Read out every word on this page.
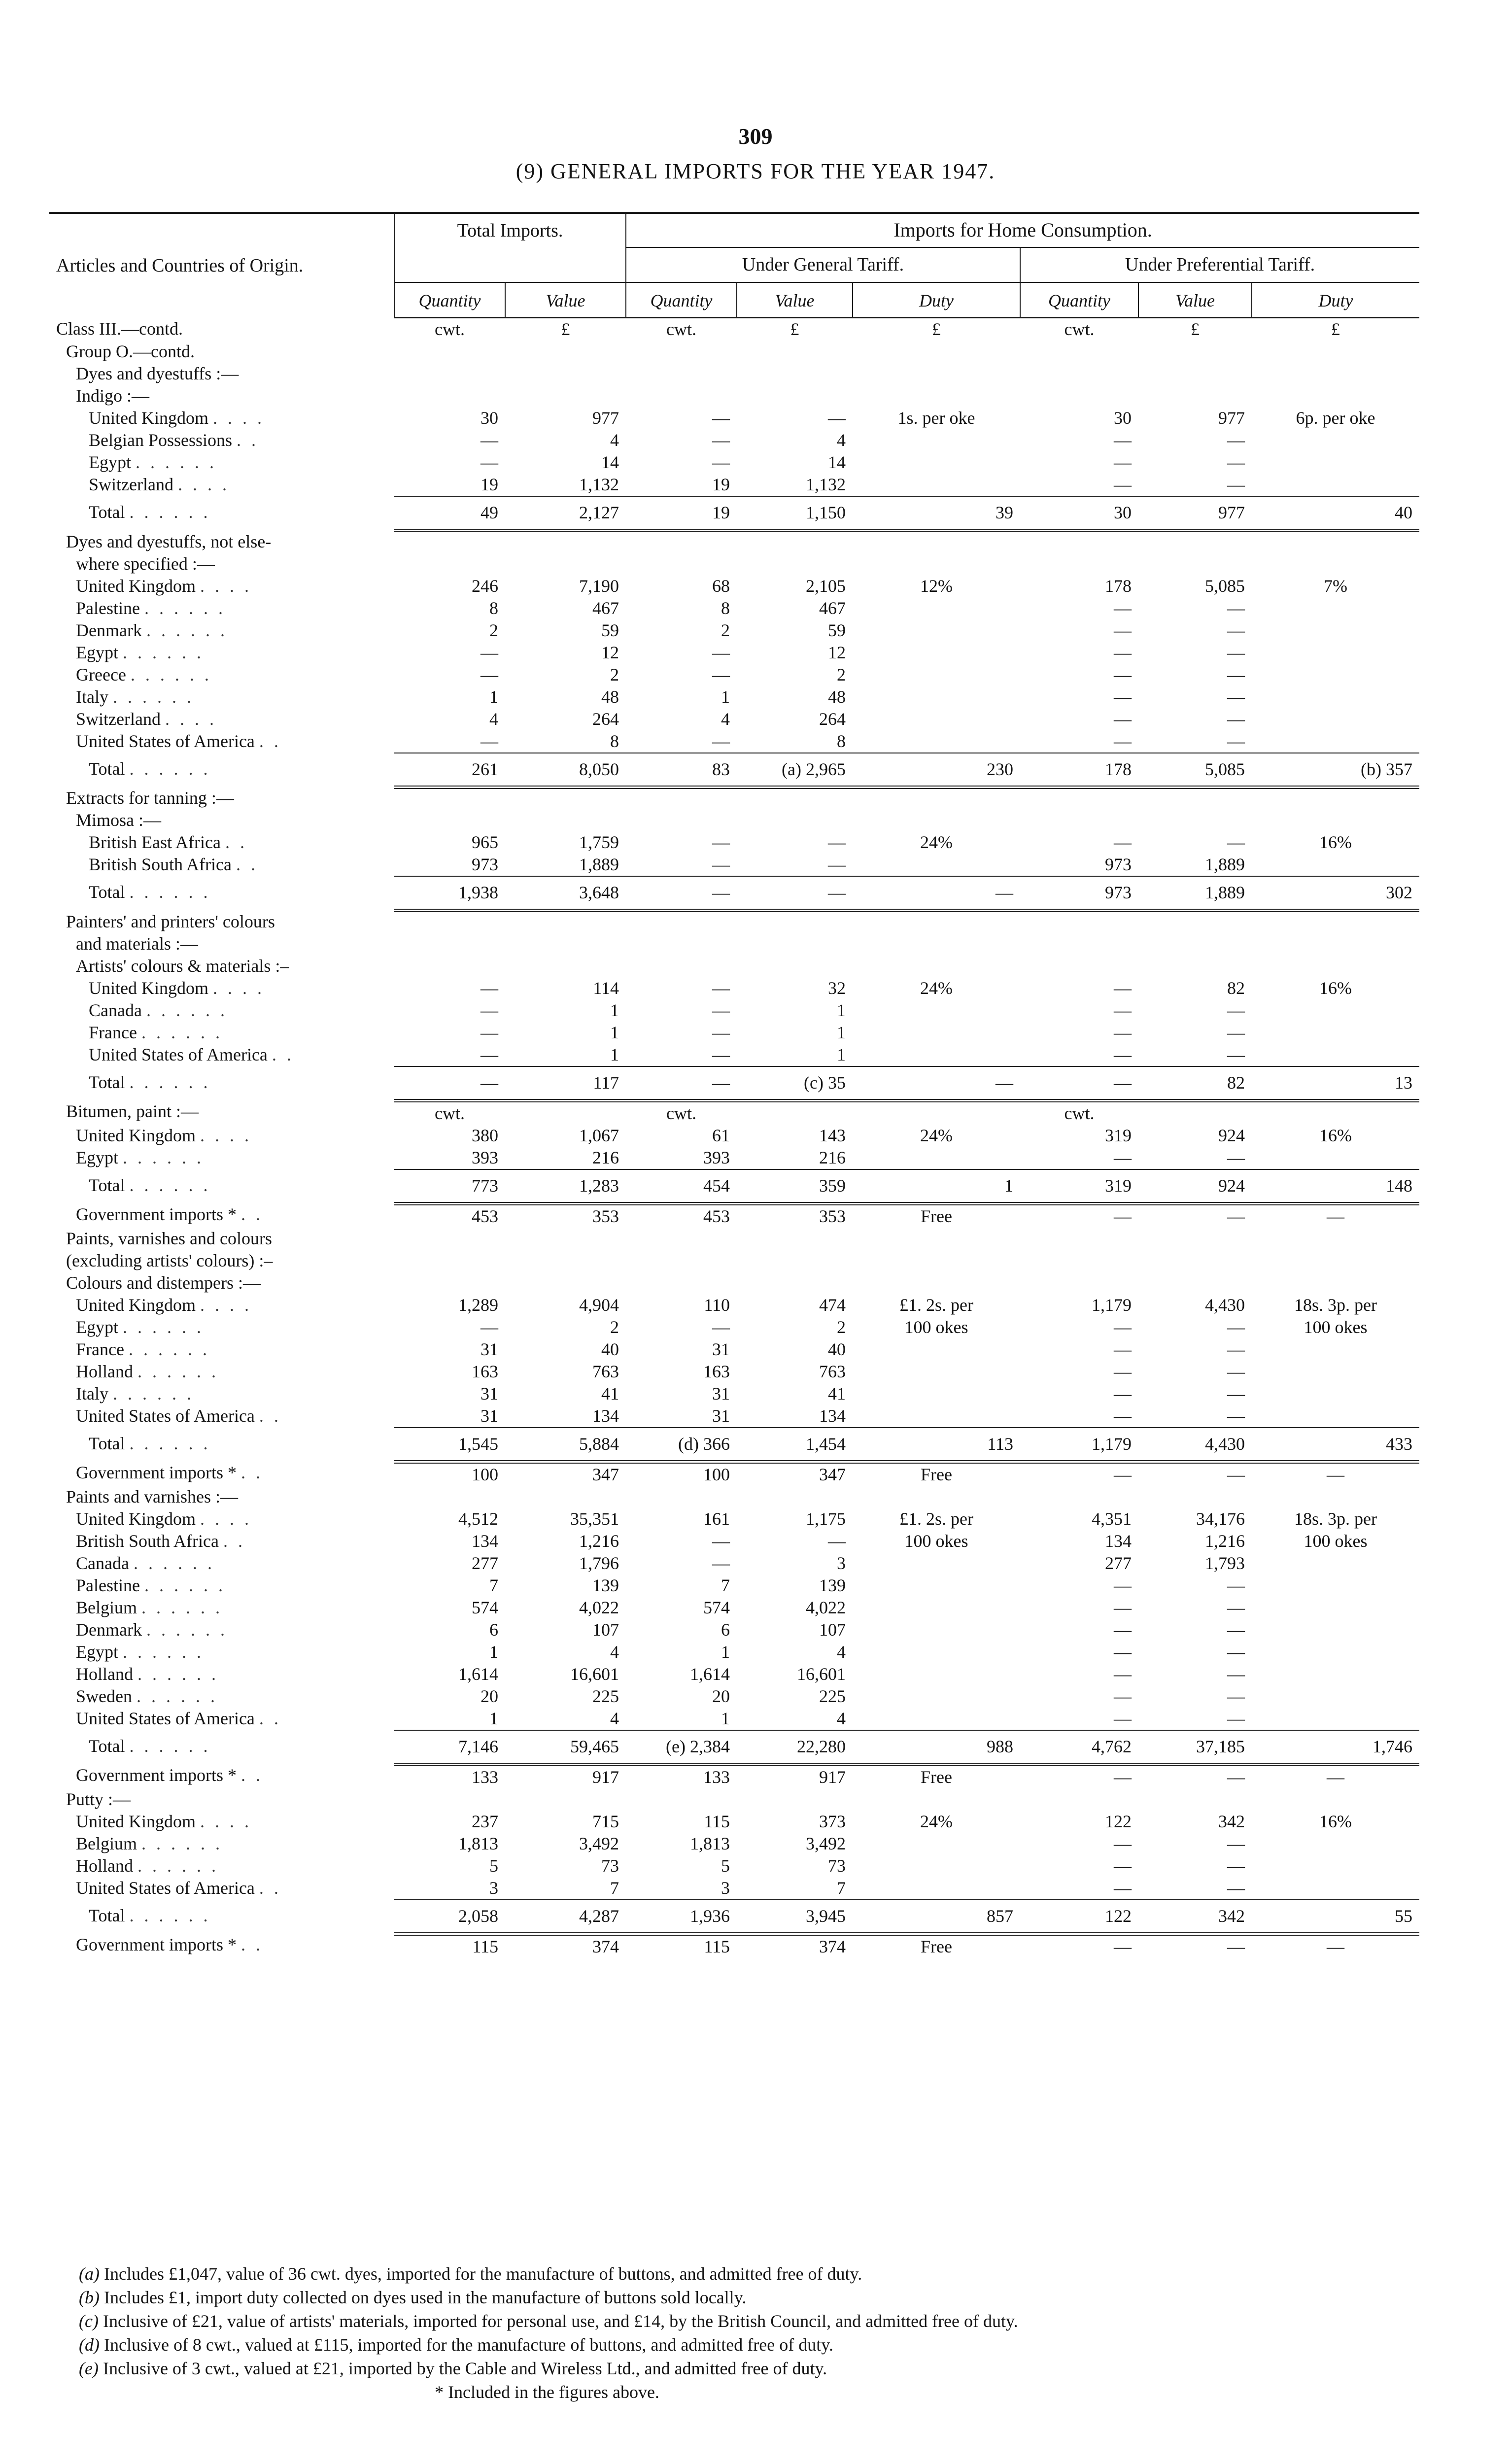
309
(9) GENERAL IMPORTS FOR THE YEAR 1947.
Articles and Countries of Origin.	Total Imports.		Imports for Home Consumption.					
			Under General Tariff.			Under Preferential Tariff.		
	Quantity	Value	Quantity	Value	Duty	Quantity	Value	Duty
Class III.—contd.	cwt.	£	cwt.	£	£	cwt.	£	£
Group O.—contd.								
Dyes and dyestuffs :—								
Indigo :—								
United Kingdom . . . .	30	977	—	—	1s. per oke	30	977	6p. per oke
Belgian Possessions . .	—	4	—	4		—	—	
Egypt . . . . . .	—	14	—	14		—	—	
Switzerland . . . .	19	1,132	19	1,132		—	—	
Total . . . . . .	49	2,127	19	1,150	39	30	977	40
Dyes and dyestuffs, not else-								
where specified :—								
United Kingdom . . . .	246	7,190	68	2,105	12%	178	5,085	7%
Palestine . . . . . .	8	467	8	467		—	—	
Denmark . . . . . .	2	59	2	59		—	—	
Egypt . . . . . .	—	12	—	12		—	—	
Greece . . . . . .	—	2	—	2		—	—	
Italy . . . . . .	1	48	1	48		—	—	
Switzerland . . . .	4	264	4	264		—	—	
United States of America . .	—	8	—	8		—	—	
Total . . . . . .	261	8,050	83	(a) 2,965	230	178	5,085	(b) 357
Extracts for tanning :—								
Mimosa :—								
British East Africa . .	965	1,759	—	—	24%	—	—	16%
British South Africa . .	973	1,889	—	—		973	1,889	
Total . . . . . .	1,938	3,648	—	—	—	973	1,889	302
Painters' and printers' colours								
and materials :—								
Artists' colours & materials :–								
United Kingdom . . . .	—	114	—	32	24%	—	82	16%
Canada . . . . . .	—	1	—	1		—	—	
France . . . . . .	—	1	—	1		—	—	
United States of America . .	—	1	—	1		—	—	
Total . . . . . .	—	117	—	(c) 35	—	—	82	13
Bitumen, paint :—	cwt.		cwt.			cwt.		
United Kingdom . . . .	380	1,067	61	143	24%	319	924	16%
Egypt . . . . . .	393	216	393	216		—	—	
Total . . . . . .	773	1,283	454	359	1	319	924	148
Government imports * . .	453	353	453	353	Free	—	—	—
Paints, varnishes and colours								
(excluding artists' colours) :–								
Colours and distempers :—								
United Kingdom . . . .	1,289	4,904	110	474	£1. 2s. per	1,179	4,430	18s. 3p. per
Egypt . . . . . .	—	2	—	2	100 okes	—	—	100 okes
France . . . . . .	31	40	31	40		—	—	
Holland . . . . . .	163	763	163	763		—	—	
Italy . . . . . .	31	41	31	41		—	—	
United States of America . .	31	134	31	134		—	—	
Total . . . . . .	1,545	5,884	(d) 366	1,454	113	1,179	4,430	433
Government imports * . .	100	347	100	347	Free	—	—	—
Paints and varnishes :—								
United Kingdom . . . .	4,512	35,351	161	1,175	£1. 2s. per	4,351	34,176	18s. 3p. per
British South Africa . .	134	1,216	—	—	100 okes	134	1,216	100 okes
Canada . . . . . .	277	1,796	—	3		277	1,793	
Palestine . . . . . .	7	139	7	139		—	—	
Belgium . . . . . .	574	4,022	574	4,022		—	—	
Denmark . . . . . .	6	107	6	107		—	—	
Egypt . . . . . .	1	4	1	4		—	—	
Holland . . . . . .	1,614	16,601	1,614	16,601		—	—	
Sweden . . . . . .	20	225	20	225		—	—	
United States of America . .	1	4	1	4		—	—	
Total . . . . . .	7,146	59,465	(e) 2,384	22,280	988	4,762	37,185	1,746
Government imports * . .	133	917	133	917	Free	—	—	—
Putty :—								
United Kingdom . . . .	237	715	115	373	24%	122	342	16%
Belgium . . . . . .	1,813	3,492	1,813	3,492		—	—	
Holland . . . . . .	5	73	5	73		—	—	
United States of America . .	3	7	3	7		—	—	
Total . . . . . .	2,058	4,287	1,936	3,945	857	122	342	55
Government imports * . .	115	374	115	374	Free	—	—	—
(a) Includes £1,047, value of 36 cwt. dyes, imported for the manufacture of buttons, and admitted free of duty.
(b) Includes £1, import duty collected on dyes used in the manufacture of buttons sold locally.
(c) Inclusive of £21, value of artists' materials, imported for personal use, and £14, by the British Council, and admitted free of duty.
(d) Inclusive of 8 cwt., valued at £115, imported for the manufacture of buttons, and admitted free of duty.
(e) Inclusive of 3 cwt., valued at £21, imported by the Cable and Wireless Ltd., and admitted free of duty.
* Included in the figures above.
